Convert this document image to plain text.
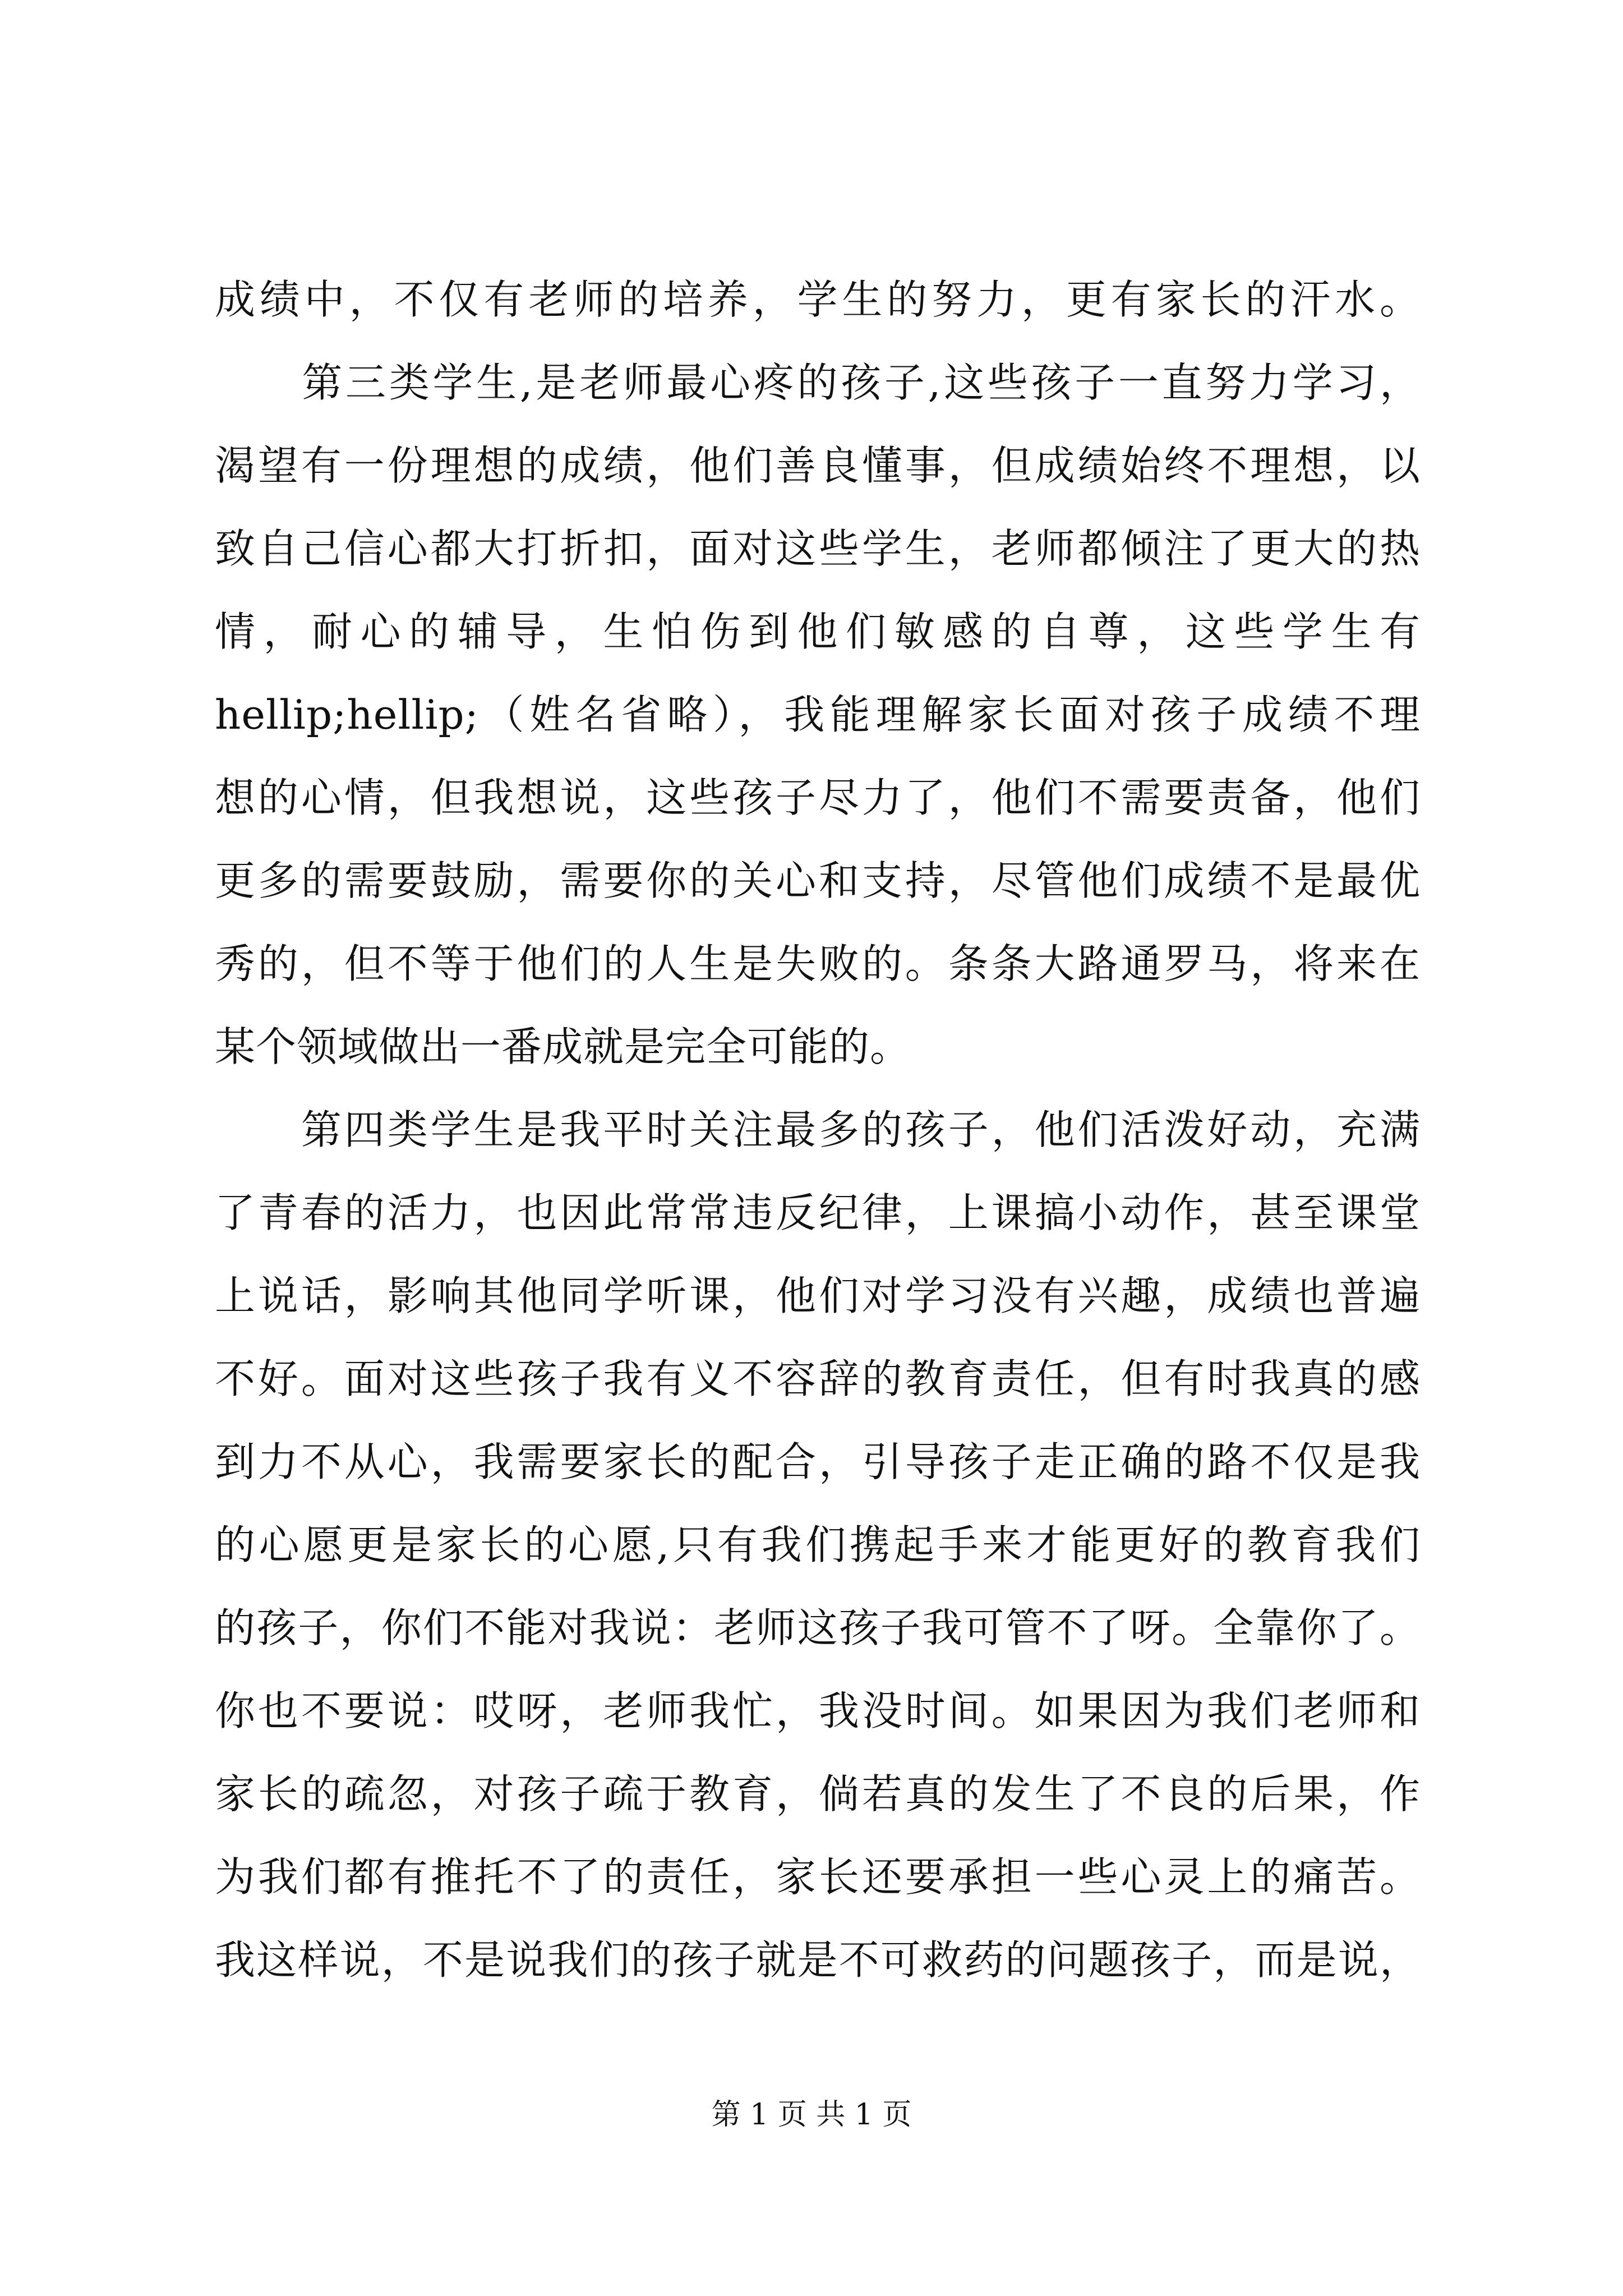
成绩中，不仅有老师的培养，学生的努力，更有家长的汗水。
　　第三类学生,是老师最心疼的孩子,这些孩子一直努力学习，
渴望有一份理想的成绩，他们善良懂事，但成绩始终不理想，以
致自己信心都大打折扣，面对这些学生，老师都倾注了更大的热
情，耐心的辅导，生怕伤到他们敏感的自尊，这些学生有
hellip;hellip;（姓名省略），我能理解家长面对孩子成绩不理
想的心情，但我想说，这些孩子尽力了，他们不需要责备，他们
更多的需要鼓励，需要你的关心和支持，尽管他们成绩不是最优
秀的，但不等于他们的人生是失败的。条条大路通罗马，将来在
某个领域做出一番成就是完全可能的。
　　第四类学生是我平时关注最多的孩子，他们活泼好动，充满
了青春的活力，也因此常常违反纪律，上课搞小动作，甚至课堂
上说话，影响其他同学听课，他们对学习没有兴趣，成绩也普遍
不好。面对这些孩子我有义不容辞的教育责任，但有时我真的感
到力不从心，我需要家长的配合，引导孩子走正确的路不仅是我
的心愿更是家长的心愿,只有我们携起手来才能更好的教育我们
的孩子，你们不能对我说：老师这孩子我可管不了呀。全靠你了。
你也不要说：哎呀，老师我忙，我没时间。如果因为我们老师和
家长的疏忽，对孩子疏于教育，倘若真的发生了不良的后果，作
为我们都有推托不了的责任，家长还要承担一些心灵上的痛苦。
我这样说，不是说我们的孩子就是不可救药的问题孩子，而是说，
第 1 页 共 1 页
